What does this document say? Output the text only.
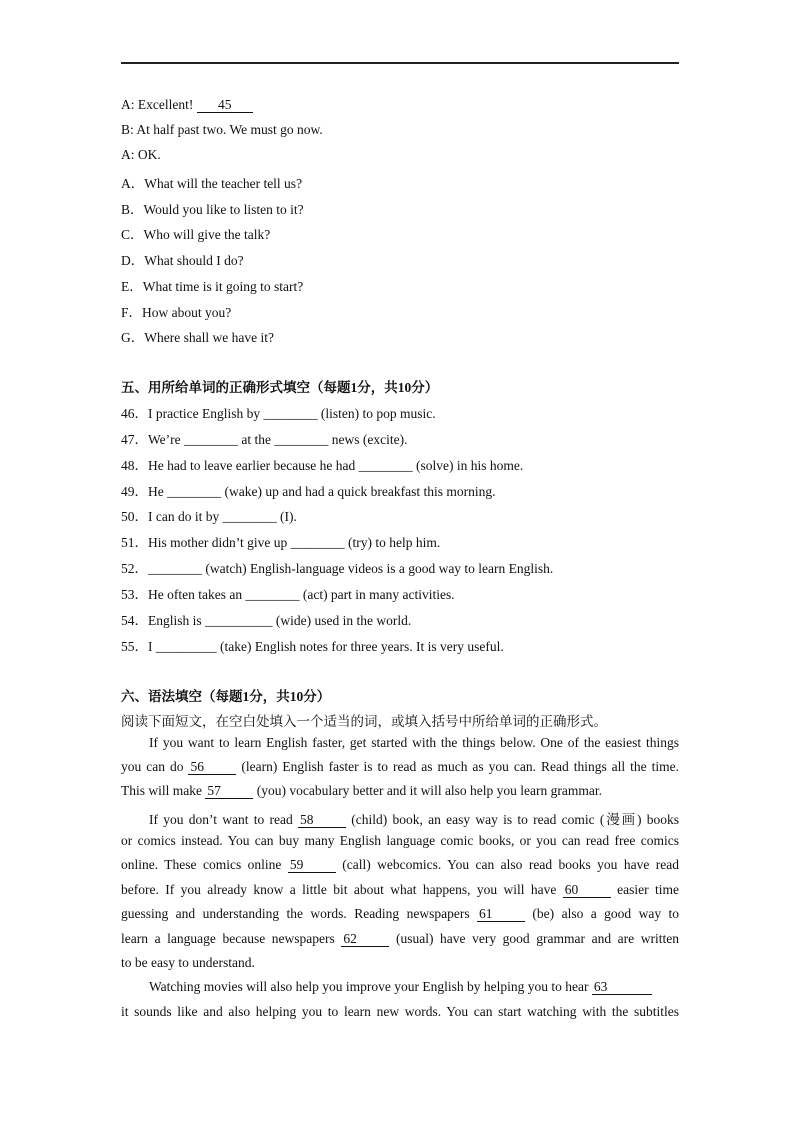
A: Excellent! 45
B: At half past two. We must go now.
A: OK.
A．What will the teacher tell us?
B．Would you like to listen to it?
C．Who will give the talk?
D．What should I do?
E．What time is it going to start?
F．How about you?
G．Where shall we have it?
五、用所给单词的正确形式填空（每题1分，共10分）
46．I practice English by ________ (listen) to pop music.
47．We’re ________ at the ________ news (excite).
48．He had to leave earlier because he had ________ (solve) in his home.
49．He ________ (wake) up and had a quick breakfast this morning.
50．I can do it by ________ (I).
51．His mother didn’t give up ________ (try) to help him.
52．________ (watch) English-language videos is a good way to learn English.
53．He often takes an ________ (act) part in many activities.
54．English is __________ (wide) used in the world.
55．I _________ (take) English notes for three years. It is very useful.
六、语法填空（每题1分，共10分）
阅读下面短文，在空白处填入一个适当的词，或填入括号中所给单词的正确形式。
If you want to learn English faster, get started with the things below. One of the easiest things
you can do 56 (learn) English faster is to read as much as you can. Read things all the time.
This will make 57 (you) vocabulary better and it will also help you learn grammar.
If you don’t want to read 58 (child) book, an easy way is to read comic (漫画) books
or comics instead. You can buy many English language comic books, or you can read free comics
online. These comics online 59 (call) webcomics. You can also read books you have read
before. If you already know a little bit about what happens, you will have 60 easier time
guessing and understanding the words. Reading newspapers 61 (be) also a good way to
learn a language because newspapers 62 (usual) have very good grammar and are written
to be easy to understand.
Watching movies will also help you improve your English by helping you to hear 63
it sounds like and also helping you to learn new words. You can start watching with the subtitles
